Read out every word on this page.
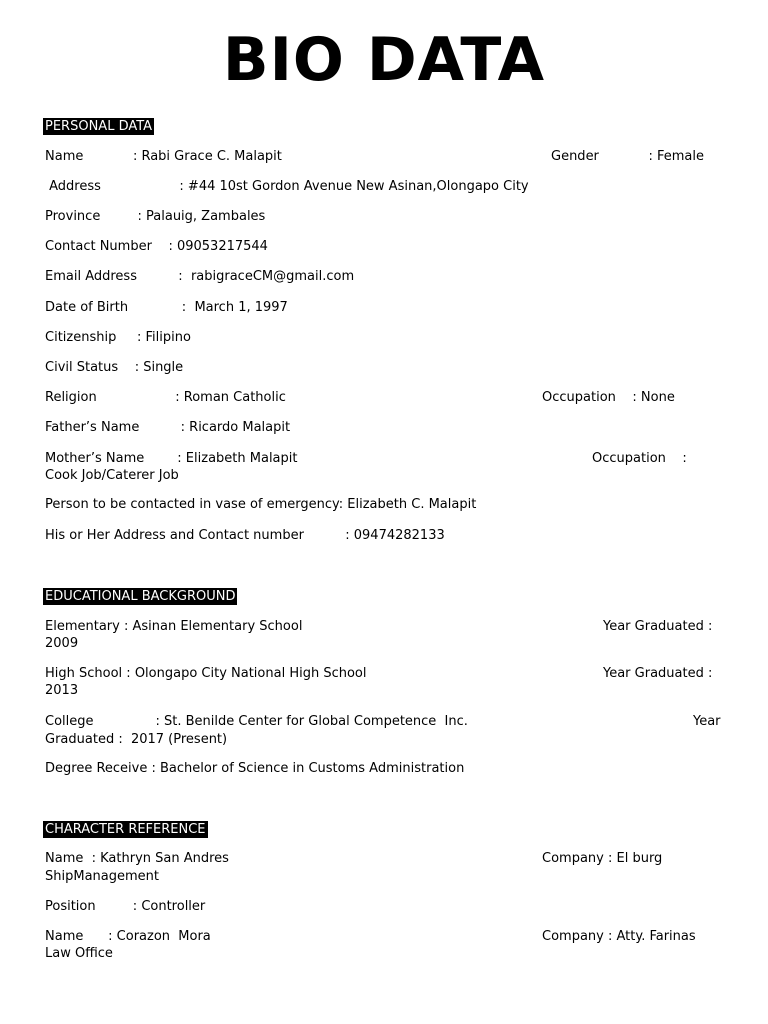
BIO DATA
PERSONAL DATA
Name            : Rabi Grace C. Malapit	Gender            : Female
Address                   : #44 10st Gordon Avenue New Asinan,Olongapo City
Province         : Palauig, Zambales
Contact Number    : 09053217544
Email Address          :  rabigraceCM@gmail.com
Date of Birth             :  March 1, 1997
Citizenship     : Filipino
Civil Status    : Single
Religion                   : Roman Catholic	Occupation    : None
Father’s Name          : Ricardo Malapit
Mother’s Name        : Elizabeth Malapit	Occupation    :
Cook Job/Caterer Job
Person to be contacted in vase of emergency: Elizabeth C. Malapit
His or Her Address and Contact number          : 09474282133
EDUCATIONAL BACKGROUND
Elementary : Asinan Elementary School	Year Graduated :
2009
High School : Olongapo City National High School	Year Graduated :
2013
College               : St. Benilde Center for Global Competence  Inc.	Year
Graduated :  2017 (Present)
Degree Receive : Bachelor of Science in Customs Administration
CHARACTER REFERENCE
Name  : Kathryn San Andres	Company : El burg
ShipManagement
Position         : Controller
Name      : Corazon  Mora	Company : Atty. Farinas
Law Office
